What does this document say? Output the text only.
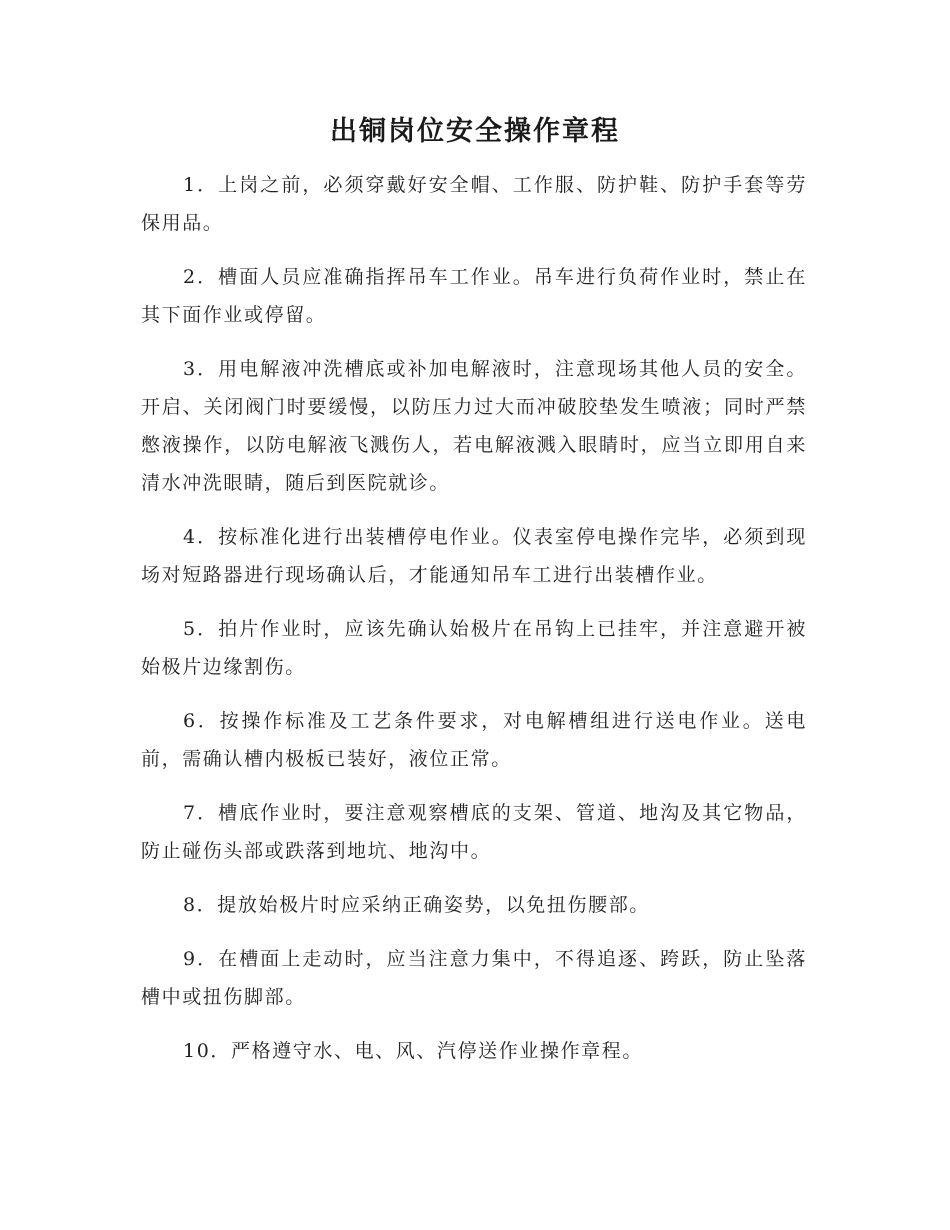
出铜岗位安全操作章程

1．上岗之前，必须穿戴好安全帽、工作服、防护鞋、防护手套等劳保用品。

2．槽面人员应准确指挥吊车工作业。吊车进行负荷作业时，禁止在其下面作业或停留。

3．用电解液冲洗槽底或补加电解液时，注意现场其他人员的安全。开启、关闭阀门时要缓慢，以防压力过大而冲破胶垫发生喷液；同时严禁憋液操作，以防电解液飞溅伤人，若电解液溅入眼睛时，应当立即用自来清水冲洗眼睛，随后到医院就诊。

4．按标准化进行出装槽停电作业。仪表室停电操作完毕，必须到现场对短路器进行现场确认后，才能通知吊车工进行出装槽作业。

5．拍片作业时，应该先确认始极片在吊钩上已挂牢，并注意避开被始极片边缘割伤。

6．按操作标准及工艺条件要求，对电解槽组进行送电作业。送电前，需确认槽内极板已装好，液位正常。

7．槽底作业时，要注意观察槽底的支架、管道、地沟及其它物品，防止碰伤头部或跌落到地坑、地沟中。

8．提放始极片时应采纳正确姿势，以免扭伤腰部。

9．在槽面上走动时，应当注意力集中，不得追逐、跨跃，防止坠落槽中或扭伤脚部。

10．严格遵守水、电、风、汽停送作业操作章程。
